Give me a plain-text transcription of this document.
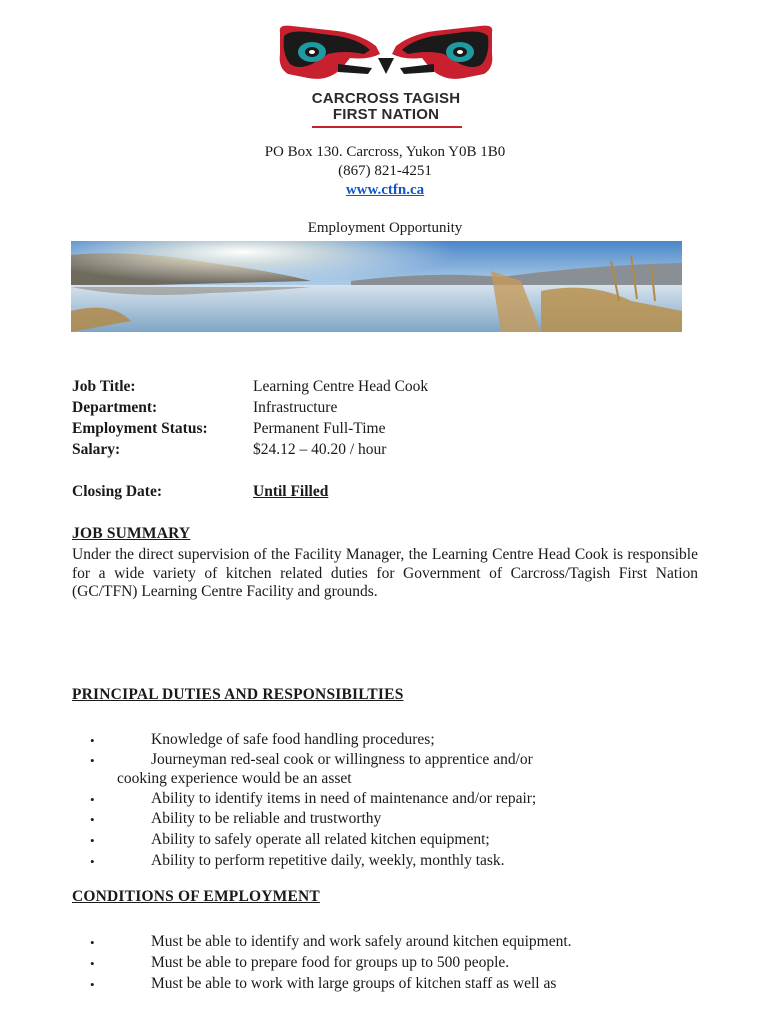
CARCROSS TAGISH
FIRST NATION
PO Box 130. Carcross, Yukon Y0B 1B0
(867) 821-4251
www.ctfn.ca
Employment Opportunity
Job Title:	Learning Centre Head Cook
Department:	Infrastructure
Employment Status:	Permanent Full-Time
Salary:	$24.12 – 40.20 / hour
Closing Date:	Until Filled
JOB SUMMARY
Under the direct supervision of the Facility Manager, the Learning Centre Head Cook is responsible for a wide variety of kitchen related duties for Government of Carcross/Tagish First Nation (GC/TFN) Learning Centre Facility and grounds.
PRINCIPAL DUTIES AND RESPONSIBILTIES
•	Knowledge of safe food handling procedures;
•	Journeyman red-seal cook or willingness to apprentice and/or
cooking experience would be an asset
•	Ability to identify items in need of maintenance and/or repair;
•	Ability to be reliable and trustworthy
•	Ability to safely operate all related kitchen equipment;
•	Ability to perform repetitive daily, weekly, monthly task.
CONDITIONS OF EMPLOYMENT
•	Must be able to identify and work safely around kitchen equipment.
•	Must be able to prepare food for groups up to 500 people.
•	Must be able to work with large groups of kitchen staff as well as
